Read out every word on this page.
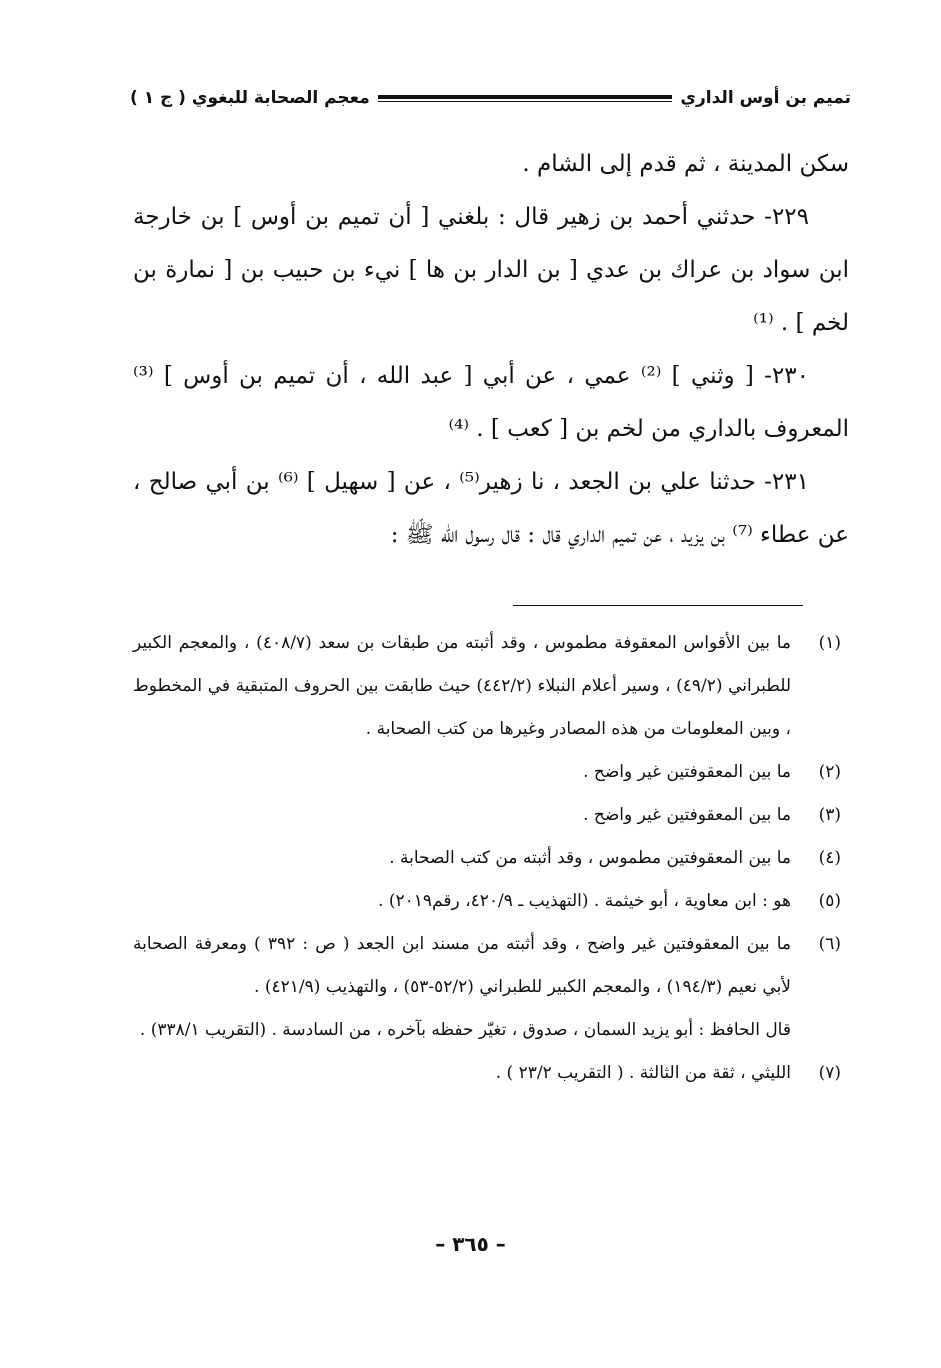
تميم بن أوس الداري
معجم الصحابة للبغوي ( ج ١ )

سكن المدينة ، ثم قدم إلى الشام .

٢٢٩- حدثني أحمد بن زهير قال : بلغني [ أن تميم بن أوس ] بن خارجة ابن سواد بن عراك بن عدي [ بن الدار بن ها ] نيء بن حبيب بن [ نمارة بن لخم ] . ⁽¹⁾

٢٣٠- [ وثني ] ⁽²⁾ عمي ، عن أبي [ عبد الله ، أن تميم بن أوس ] ⁽³⁾ المعروف بالداري من لخم بن [ كعب ] . ⁽⁴⁾

٢٣١- حدثنا علي بن الجعد ، نا زهير⁽⁵⁾ ، عن [ سهيل ] ⁽⁶⁾ بن أبي صالح ، عن عطاء ⁽⁷⁾ بن يزيد ، عن تميم الداري قال : قال رسول الله ﷺ :

(١)
ما بين الأقواس المعقوفة مطموس ، وقد أثبته من طبقات بن سعد (٤٠٨/٧) ، والمعجم الكبير للطبراني (٤٩/٢) ، وسير أعلام النبلاء (٤٤٢/٢) حيث طابقت بين الحروف المتبقية في المخطوط ، وبين المعلومات من هذه المصادر وغيرها من كتب الصحابة .
(٢)
ما بين المعقوفتين غير واضح .
(٣)
ما بين المعقوفتين غير واضح .
(٤)
ما بين المعقوفتين مطموس ، وقد أثبته من كتب الصحابة .
(٥)
هو : ابن معاوية ، أبو خيثمة . (التهذيب ـ ٤٢٠/٩، رقم٢٠١٩) .
(٦)
ما بين المعقوفتين غير واضح ، وقد أثبته من مسند ابن الجعد ( ص : ٣٩٢ ) ومعرفة الصحابة لأبي نعيم (١٩٤/٣) ، والمعجم الكبير للطبراني (٥٢/٢-٥٣) ، والتهذيب (٤٢١/٩) .
قال الحافظ : أبو يزيد السمان ، صدوق ، تغيّر حفظه بآخره ، من السادسة . (التقريب ٣٣٨/١) .
(٧)
الليثي ، ثقة من الثالثة . ( التقريب ٢٣/٢ ) .
– ٣٦٥ –
